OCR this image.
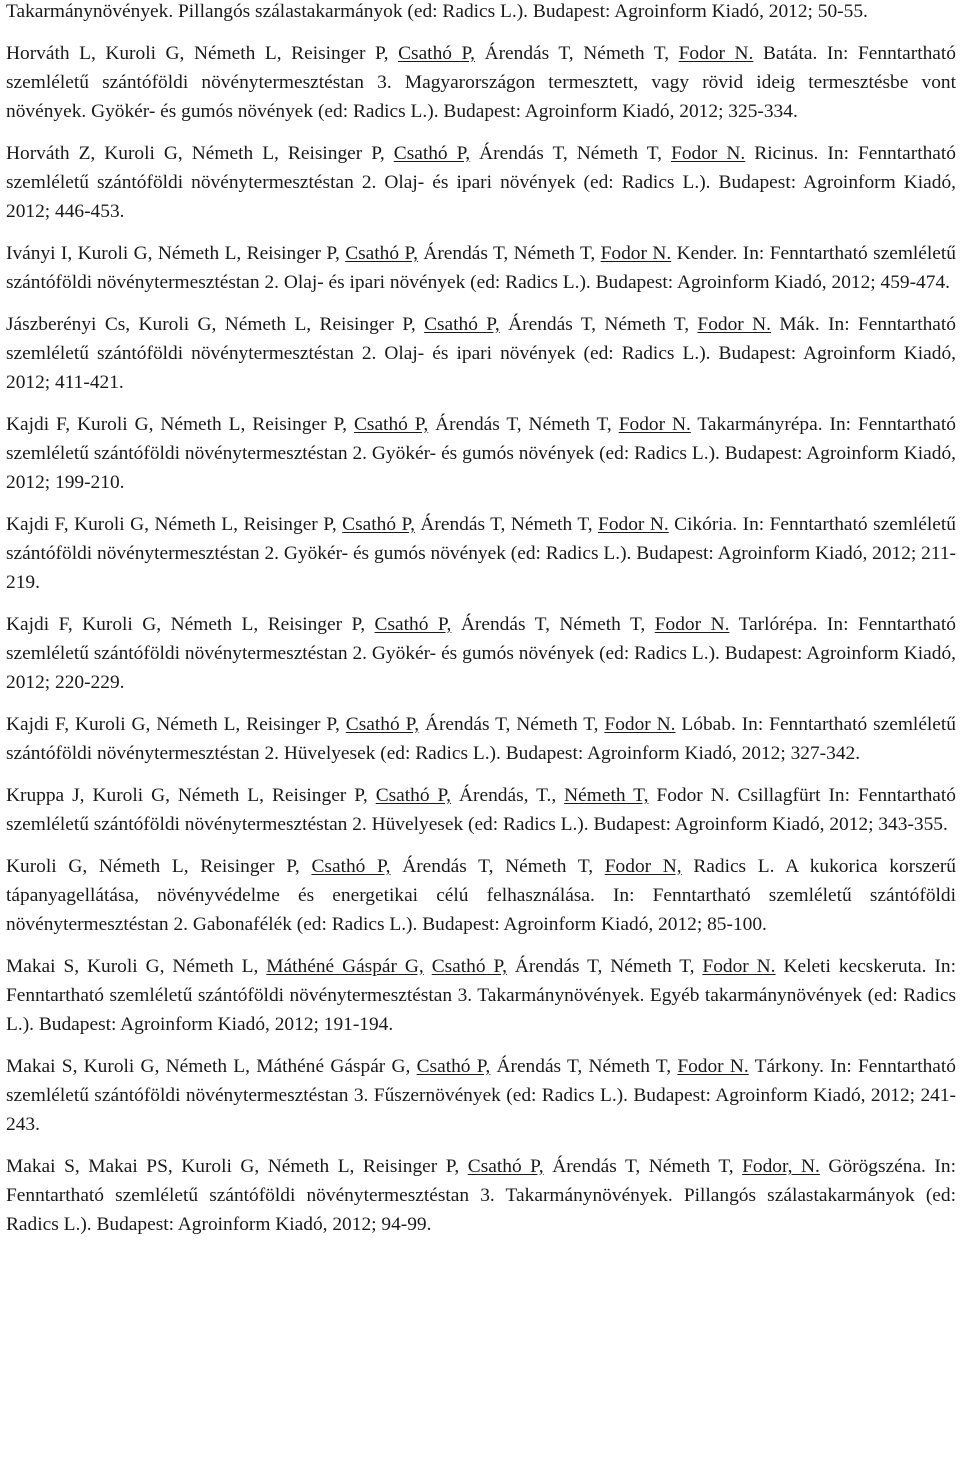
Takarmánynövények. Pillangós szálastakarmányok (ed: Radics L.). Budapest: Agroinform Kiadó, 2012; 50-55.

Horváth L, Kuroli G, Németh L, Reisinger P, Csathó P, Árendás T, Németh T, Fodor N. Batáta. In: Fenntartható szemléletű szántóföldi növénytermesztéstan 3. Magyarországon termesztett, vagy rövid ideig termesztésbe vont növények. Gyökér- és gumós növények (ed: Radics L.). Budapest: Agroinform Kiadó, 2012; 325-334.

Horváth Z, Kuroli G, Németh L, Reisinger P, Csathó P, Árendás T, Németh T, Fodor N. Ricinus. In: Fenntartható szemléletű szántóföldi növénytermesztéstan 2. Olaj- és ipari növények (ed: Radics L.). Budapest: Agroinform Kiadó, 2012; 446-453.

Iványi I, Kuroli G, Németh L, Reisinger P, Csathó P, Árendás T, Németh T, Fodor N. Kender. In: Fenntartható szemléletű szántóföldi növénytermesztéstan 2. Olaj- és ipari növények (ed: Radics L.). Budapest: Agroinform Kiadó, 2012; 459-474.

Jászberényi Cs, Kuroli G, Németh L, Reisinger P, Csathó P, Árendás T, Németh T, Fodor N. Mák. In: Fenntartható szemléletű szántóföldi növénytermesztéstan 2. Olaj- és ipari növények (ed: Radics L.). Budapest: Agroinform Kiadó, 2012; 411-421.

Kajdi F, Kuroli G, Németh L, Reisinger P, Csathó P, Árendás T, Németh T, Fodor N. Takarmányrépa. In: Fenntartható szemléletű szántóföldi növénytermesztéstan 2. Gyökér- és gumós növények (ed: Radics L.). Budapest: Agroinform Kiadó, 2012; 199-210.

Kajdi F, Kuroli G, Németh L, Reisinger P, Csathó P, Árendás T, Németh T, Fodor N. Cikória. In: Fenntartható szemléletű szántóföldi növénytermesztéstan 2. Gyökér- és gumós növények (ed: Radics L.). Budapest: Agroinform Kiadó, 2012; 211-219.

Kajdi F, Kuroli G, Németh L, Reisinger P, Csathó P, Árendás T, Németh T, Fodor N. Tarlórépa. In: Fenntartható szemléletű szántóföldi növénytermesztéstan 2. Gyökér- és gumós növények (ed: Radics L.). Budapest: Agroinform Kiadó, 2012; 220-229.

Kajdi F, Kuroli G, Németh L, Reisinger P, Csathó P, Árendás T, Németh T, Fodor N. Lóbab. In: Fenntartható szemléletű szántóföldi növénytermesztéstan 2. Hüvelyesek (ed: Radics L.). Budapest: Agroinform Kiadó, 2012; 327-342.

Kruppa J, Kuroli G, Németh L, Reisinger P, Csathó P, Árendás, T., Németh T, Fodor N. Csillagfürt In: Fenntartható szemléletű szántóföldi növénytermesztéstan 2. Hüvelyesek (ed: Radics L.). Budapest: Agroinform Kiadó, 2012; 343-355.

Kuroli G, Németh L, Reisinger P, Csathó P, Árendás T, Németh T, Fodor N, Radics L. A kukorica korszerű tápanyagellátása, növényvédelme és energetikai célú felhasználása. In: Fenntartható szemléletű szántóföldi növénytermesztéstan 2. Gabonafélék (ed: Radics L.). Budapest: Agroinform Kiadó, 2012; 85-100.

Makai S, Kuroli G, Németh L, Máthéné Gáspár G, Csathó P, Árendás T, Németh T, Fodor N. Keleti kecskeruta. In: Fenntartható szemléletű szántóföldi növénytermesztéstan 3. Takarmánynövények. Egyéb takarmánynövények (ed: Radics L.). Budapest: Agroinform Kiadó, 2012; 191-194.

Makai S, Kuroli G, Németh L, Máthéné Gáspár G, Csathó P, Árendás T, Németh T, Fodor N. Tárkony. In: Fenntartható szemléletű szántóföldi növénytermesztéstan 3. Fűszernövények (ed: Radics L.). Budapest: Agroinform Kiadó, 2012; 241-243.

Makai S, Makai PS, Kuroli G, Németh L, Reisinger P, Csathó P, Árendás T, Németh T, Fodor, N. Görögszéna. In: Fenntartható szemléletű szántóföldi növénytermesztéstan 3. Takarmánynövények. Pillangós szálastakarmányok (ed: Radics L.). Budapest: Agroinform Kiadó, 2012; 94-99.
